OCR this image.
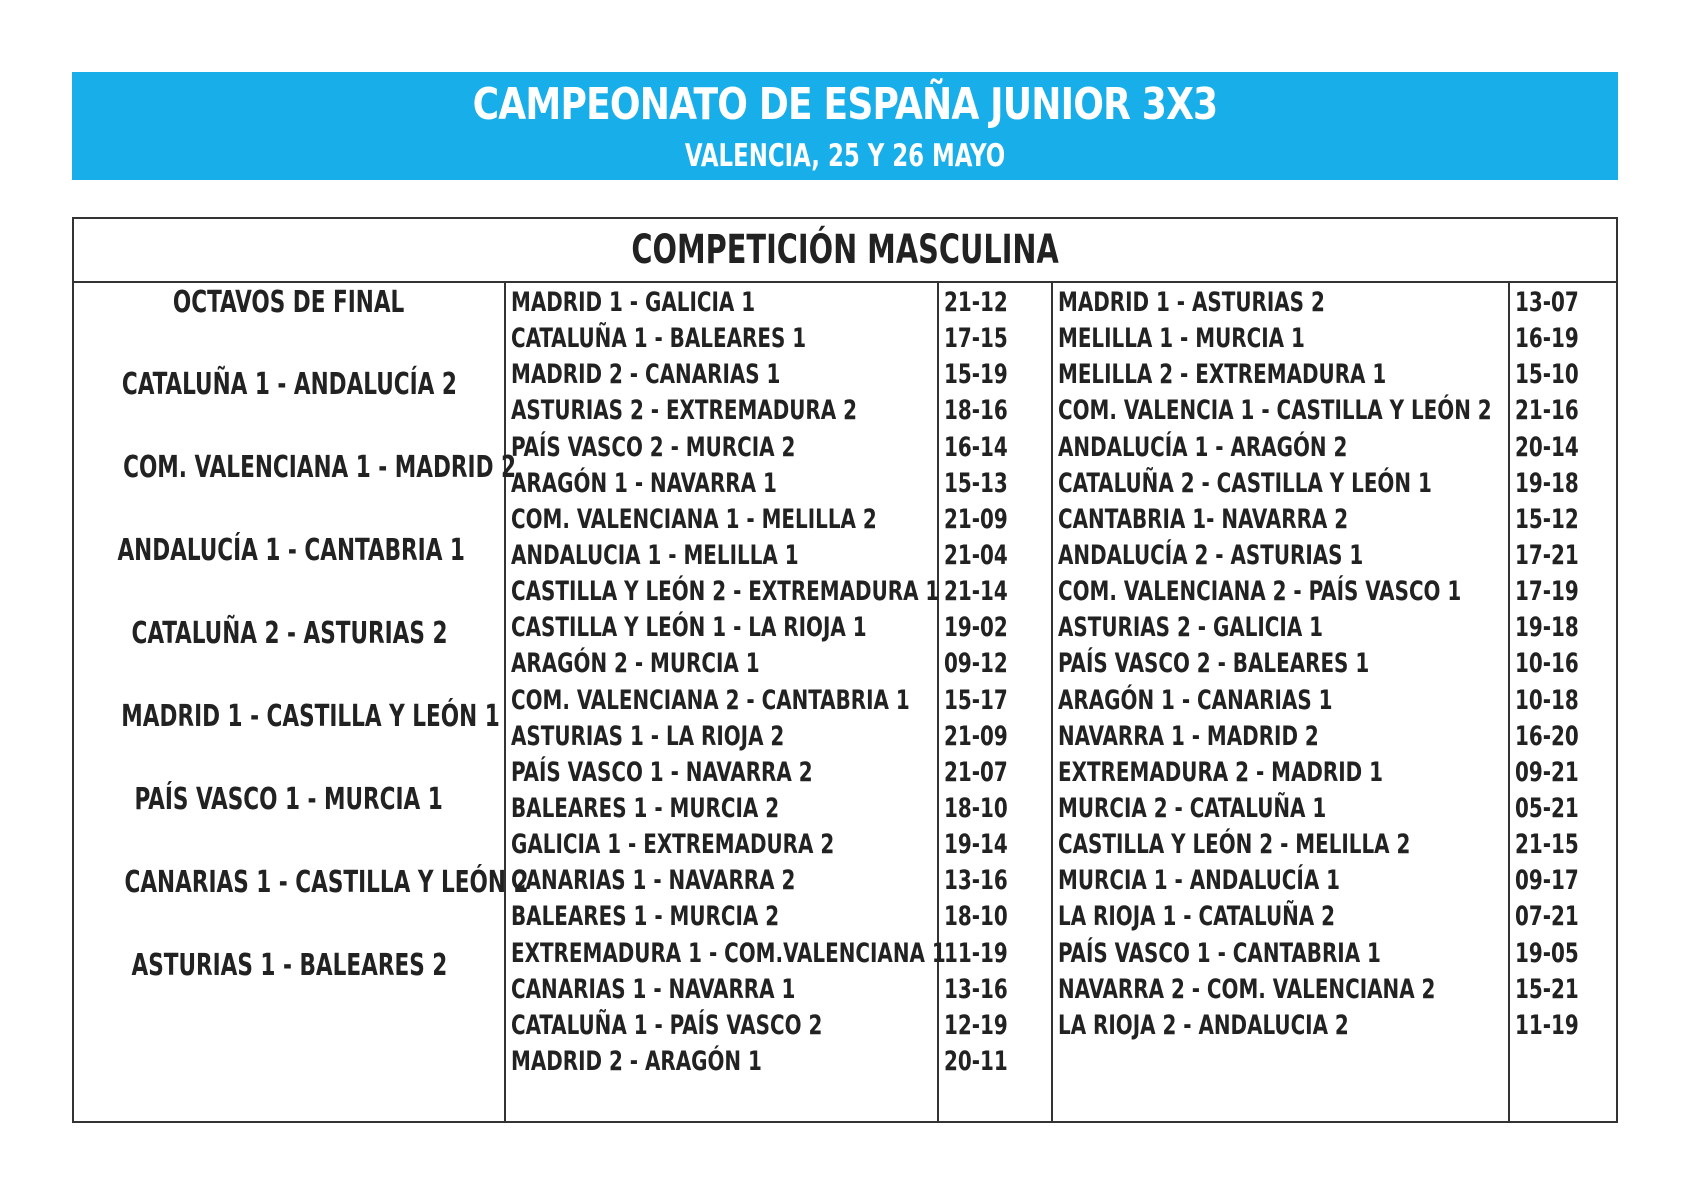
CAMPEONATO DE ESPAÑA JUNIOR 3X3
VALENCIA, 25 Y 26 MAYO
COMPETICIÓN MASCULINA
OCTAVOS DE FINAL
CATALUÑA 1 - ANDALUCÍA 2
COM. VALENCIANA 1 - MADRID 2
ANDALUCÍA 1 - CANTABRIA 1
CATALUÑA 2 - ASTURIAS 2
MADRID 1 - CASTILLA Y LEÓN 1
PAÍS VASCO 1 - MURCIA 1
CANARIAS 1 - CASTILLA Y LEÓN 2
ASTURIAS 1 - BALEARES 2
MADRID 1 - GALICIA 1
CATALUÑA 1 - BALEARES 1
MADRID 2 - CANARIAS 1
ASTURIAS 2 - EXTREMADURA 2
PAÍS VASCO 2 - MURCIA 2
ARAGÓN 1 - NAVARRA 1
COM. VALENCIANA 1 - MELILLA 2
ANDALUCIA 1 - MELILLA 1
CASTILLA Y LEÓN 2 - EXTREMADURA 1
CASTILLA Y LEÓN 1 - LA RIOJA 1
ARAGÓN 2 - MURCIA 1
COM. VALENCIANA 2 - CANTABRIA 1
ASTURIAS 1 - LA RIOJA 2
PAÍS VASCO 1 - NAVARRA 2
BALEARES 1 - MURCIA 2
GALICIA 1 - EXTREMADURA 2
CANARIAS 1 - NAVARRA 2
BALEARES 1 - MURCIA 2
EXTREMADURA 1 - COM.VALENCIANA 1
CANARIAS 1 - NAVARRA 1
CATALUÑA 1 - PAÍS VASCO 2
MADRID 2 - ARAGÓN 1
21-12
17-15
15-19
18-16
16-14
15-13
21-09
21-04
21-14
19-02
09-12
15-17
21-09
21-07
18-10
19-14
13-16
18-10
11-19
13-16
12-19
20-11
MADRID 1 - ASTURIAS 2
MELILLA 1 - MURCIA 1
MELILLA 2 - EXTREMADURA 1
COM. VALENCIA 1 - CASTILLA Y LEÓN 2
ANDALUCÍA 1 - ARAGÓN 2
CATALUÑA 2 - CASTILLA Y LEÓN 1
CANTABRIA 1- NAVARRA 2
ANDALUCÍA 2 - ASTURIAS 1
COM. VALENCIANA 2 - PAÍS VASCO 1
ASTURIAS 2 - GALICIA 1
PAÍS VASCO 2 - BALEARES 1
ARAGÓN 1 - CANARIAS 1
NAVARRA 1 - MADRID 2
EXTREMADURA 2 - MADRID 1
MURCIA 2 - CATALUÑA 1
CASTILLA Y LEÓN 2 - MELILLA 2
MURCIA 1 - ANDALUCÍA 1
LA RIOJA 1 - CATALUÑA 2
PAÍS VASCO 1 - CANTABRIA 1
NAVARRA 2 - COM. VALENCIANA 2
LA RIOJA 2 - ANDALUCIA 2
13-07
16-19
15-10
21-16
20-14
19-18
15-12
17-21
17-19
19-18
10-16
10-18
16-20
09-21
05-21
21-15
09-17
07-21
19-05
15-21
11-19
